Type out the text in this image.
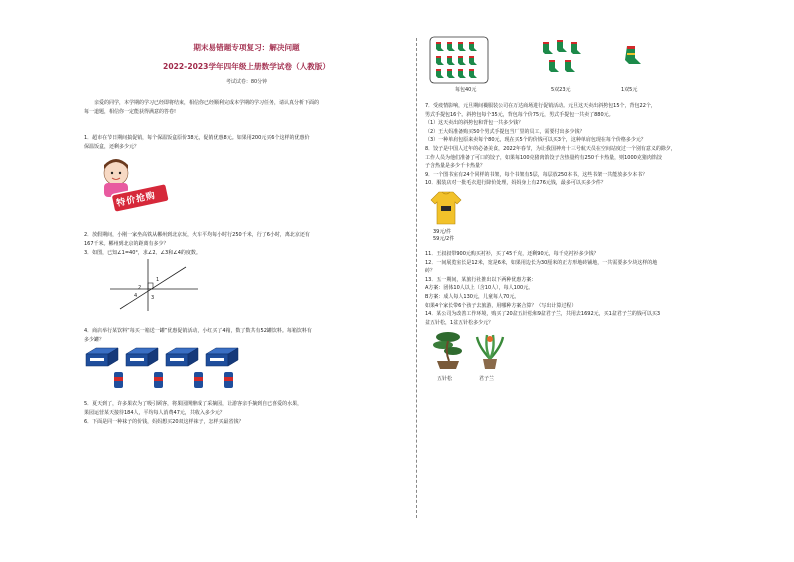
期末易错题专项复习：解决问题
2022-2023学年四年级上册数学试卷（人教版）
考试试卷：80分钟

亲爱的同学，本学期的学习已经即将结束，相信你已经顺利完成本学期的学习任务，请认真分析下面的

每一道题，相信你一定能获得满意的答卷!

1．超市在节日期间搞促销，每个保温饭盒原价38元，促销优惠8元。如果用200元买6个这样的优惠价

保温饭盒，还剩多少元？

特价抢购

2．放假期间，小刚一家坐高铁从郴州到北京玩，火车平均每小时行250千米，行了6小时，离北京还有

167千米。郴州到北京的距离有多少？

3．如图，已知∠1=40°，求∠2、∠3和∠4的度数。

1
2
4	3

4．商店举行某饮料“每买一箱送一罐”优惠促销活动，小红买了4箱，数了数共有52罐饮料。每箱饮料有

多少罐？

5．夏天到了，许多果农为了吸引顾客，将果园開辦成了采摘园，让游客亲手摘到自已喜爱的水果，

果园运营某天接待184人，平均每人消费47元，共收入多少元？

6．下面是同一种袜子的价钱，妈妈想买20双这样袜子，怎样买最省钱？

每包40元	5双23元	1双5元

7．受疫情影响，元旦期间襪服装公司在万达商场进行促销活动。元旦这天卖出斜挎包15个，背包22个，

男式手提包16个。斜挎包每个35元，背包每个价75元，男式手提包一共卖了880元。

（1）这天卖出的斜挎包和背包一共多少钱？

（2）王大妈准备购买50个男式手提包当厂里的员工，需要付出多少钱？

（3）一种单肩包原来卖每个80元，现在买5个的价钱可以买3个，这种单肩包现在每个价格多少元？

8．饺子是中国人过年的必备美食，2022年春节，为让我国神舟十三号航天员在空间站度过一个别有意义的除夕，

工作人员为他们准备了可口的饺子，如果每100克猪肉馅饺子含热量约有250千卡热量，则1000克猪肉馅饺

子含热量是多少千卡热量？

9．一个图书室有24个同样的书架，每个书架有5层，每层放250本书，这些书架一共能放多少本书？

10．服装店对一批毛衣进行降价处理，妈妈身上有276元钱，最多可以买多少件？

39元/件
59元/2件

11．王叔叔带900元购买衬衫，买了45千克，还剩90元，每千克衬衫多少钱？

12．一间展览室长是12米，宽是6米，如果用边长为30厘米的正方形地砖铺地，一共需要多少块这样的地

砖？

13．五一期间，某旅行社推出以下两种优惠方案：

A方案：团体10人以上（含10人），每人100元。

B方案：成人每人130元，儿童每人70元。

如果4个家长带6个孩子去旅游，用哪种方案合算？（写出计算过程）

14．某公司为改善工作环境，购买了20盆五针松和9盆君子兰，共用去1692元，买1盆君子兰的钱可以买3

盆五针松，1盆五针松多少元？

五针松	君子兰
